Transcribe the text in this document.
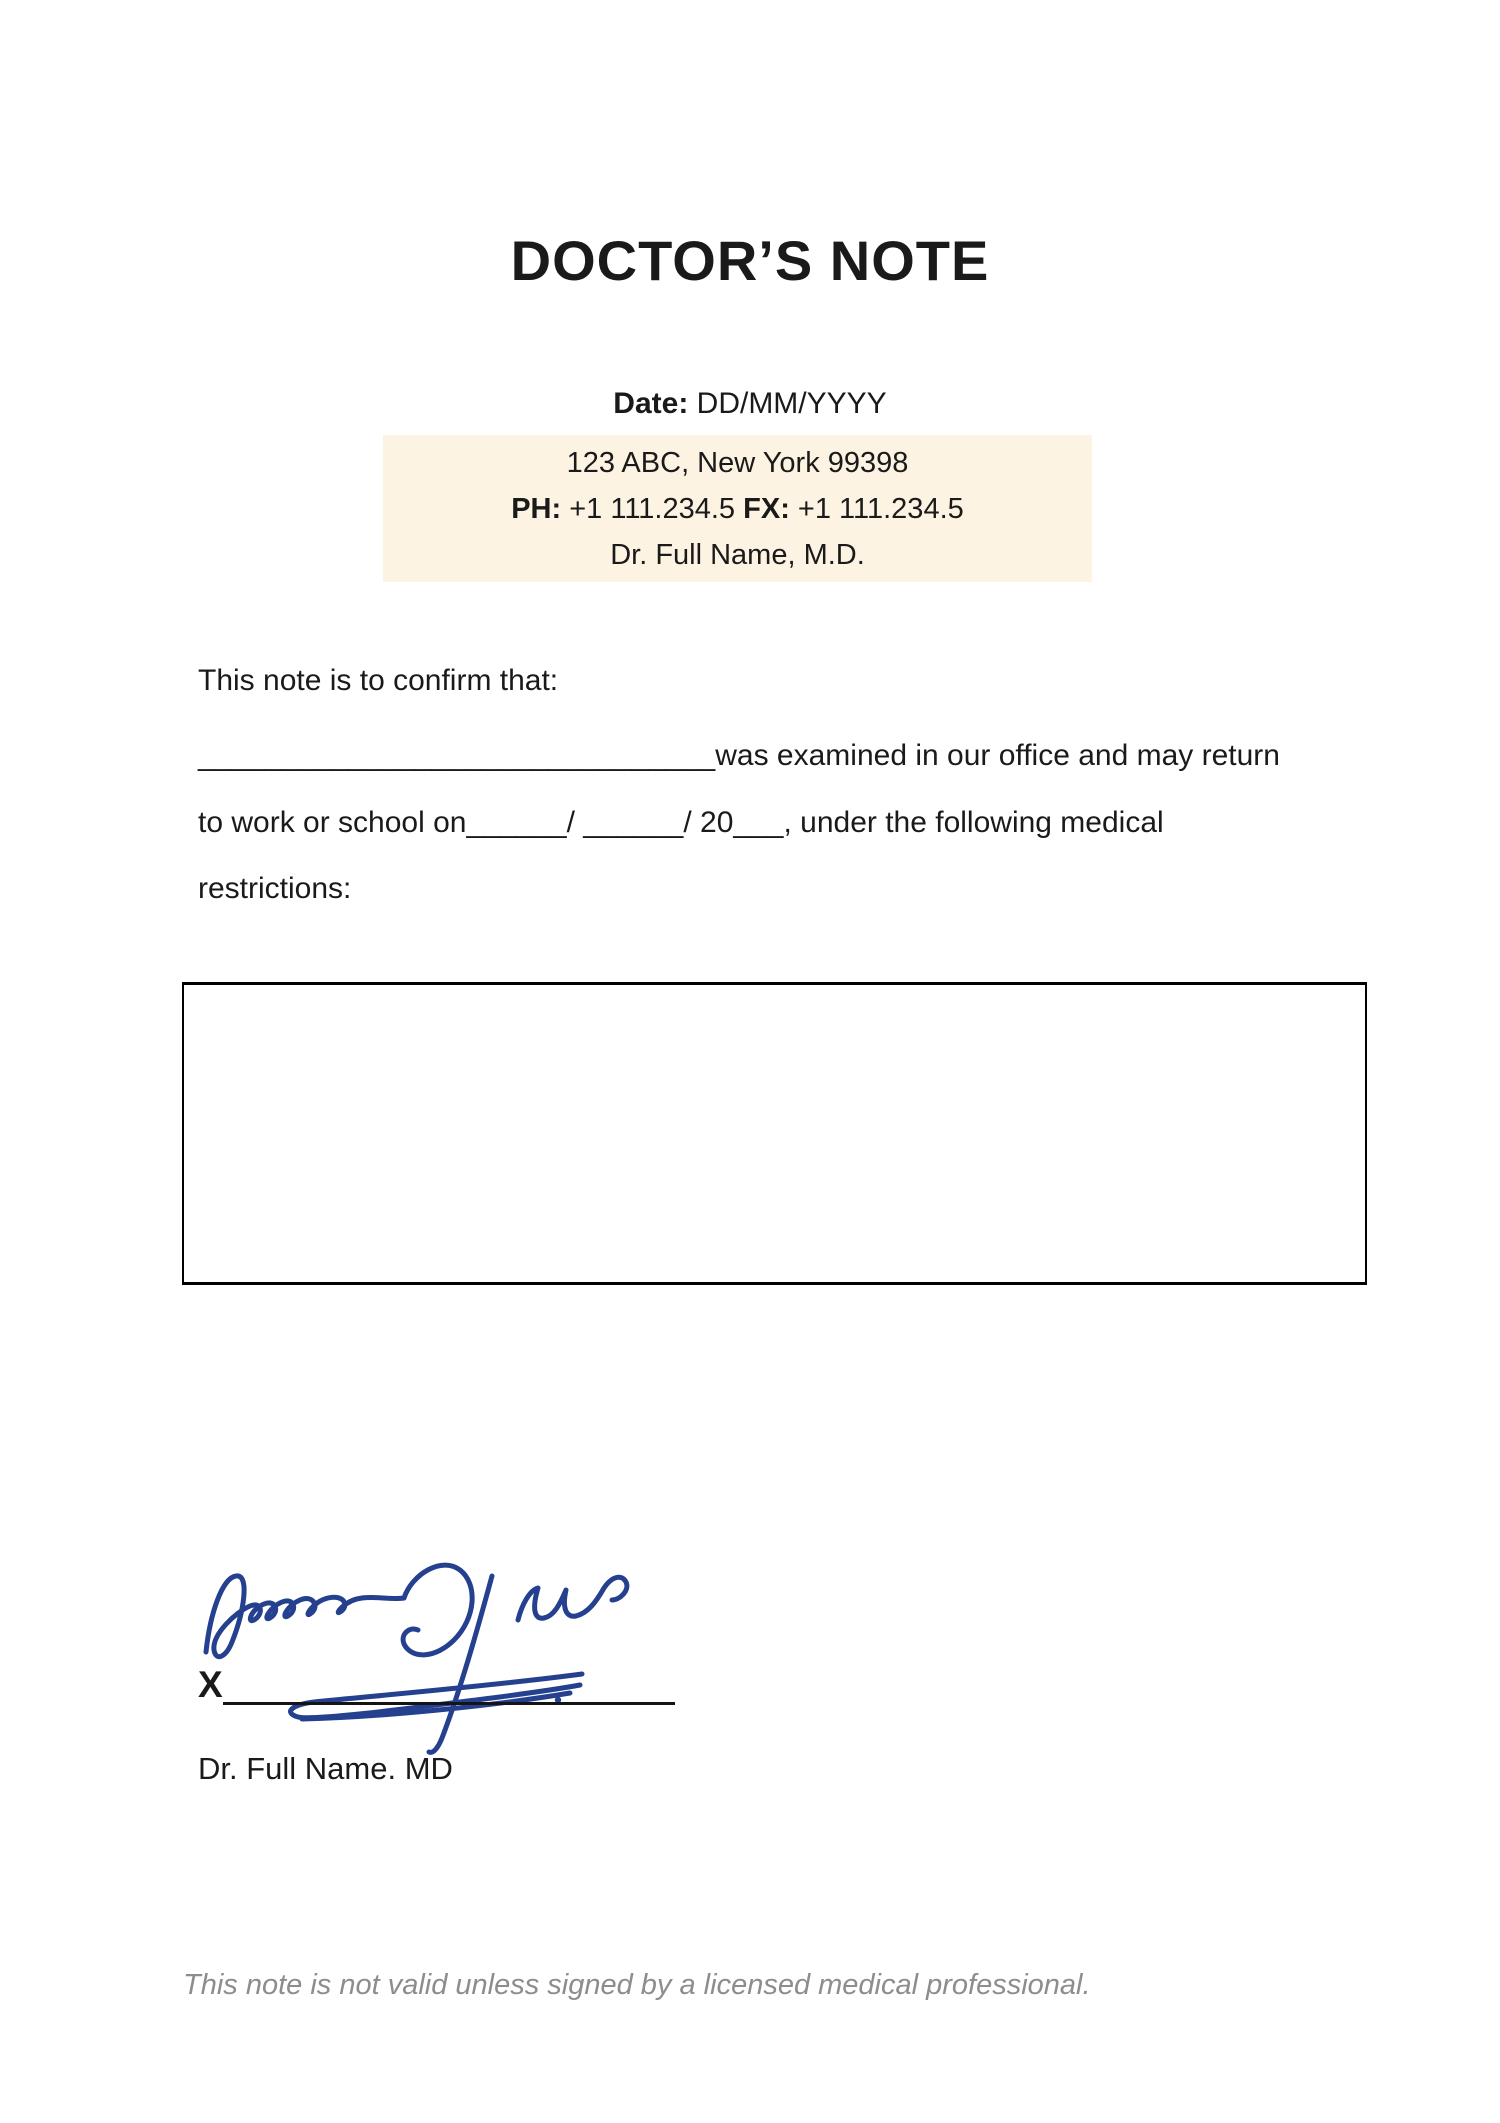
DOCTOR’S NOTE
Date: DD/MM/YYYY
123 ABC, New York 99398
PH: +1 111.234.5 FX: +1 111.234.5
Dr. Full Name, M.D.
This note is to confirm that:
_______________________________was examined in our office and may return
to work or school on______/ ______/ 20___, under the following medical
restrictions:
X
Dr. Full Name. MD
This note is not valid unless signed by a licensed medical professional.
